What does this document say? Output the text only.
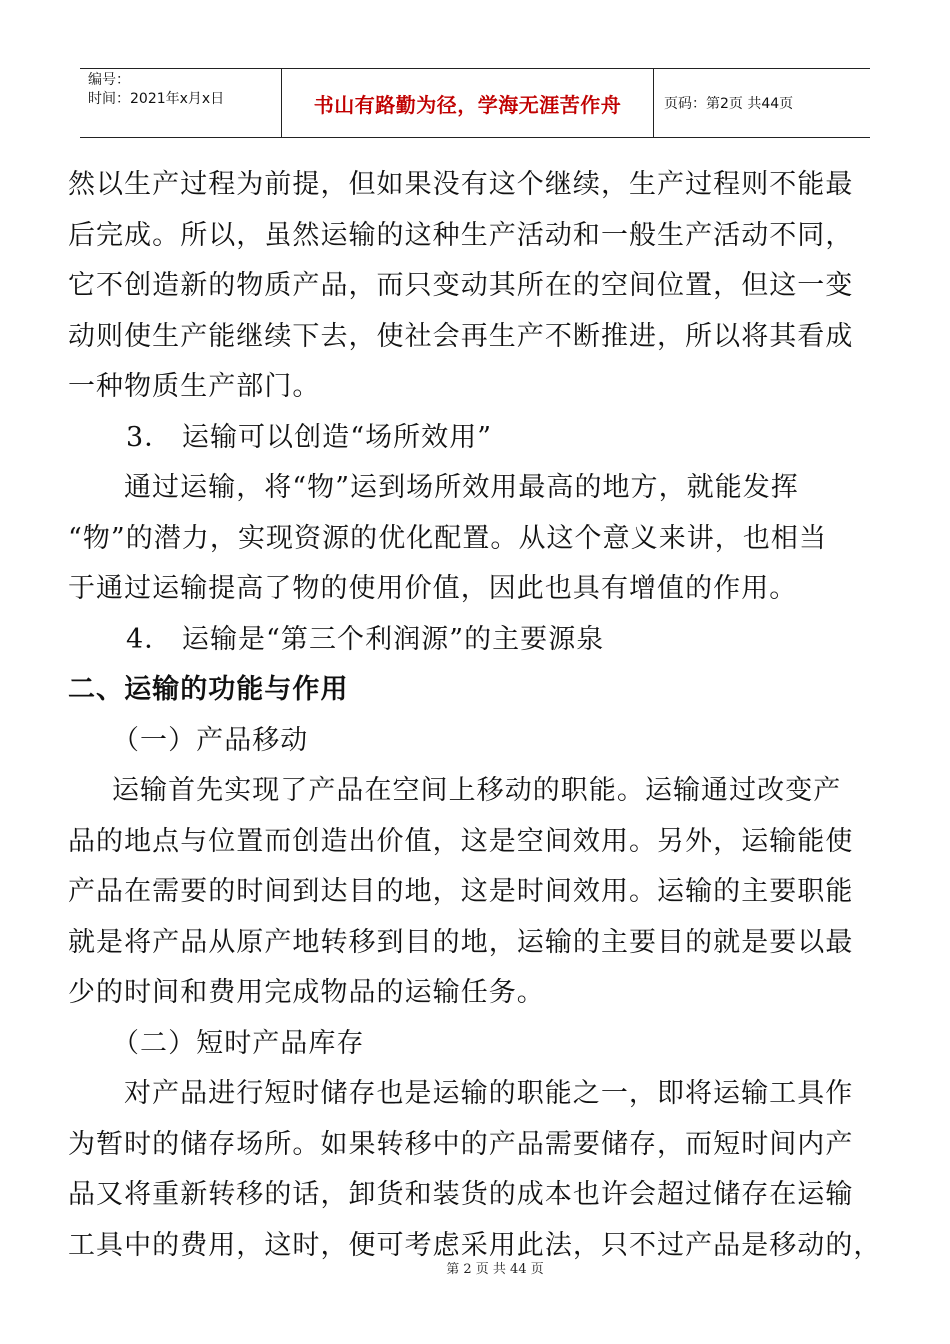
编号：
时间：2021年x月x日	书山有路勤为径，学海无涯苦作舟	页码：第2页 共44页
然以生产过程为前提，但如果没有这个继续，生产过程则不能最
后完成。所以，虽然运输的这种生产活动和一般生产活动不同，
它不创造新的物质产品，而只变动其所在的空间位置，但这一变
动则使生产能继续下去，使社会再生产不断推进，所以将其看成
一种物质生产部门。
3． 运输可以创造“场所效用”
通过运输，将“物”运到场所效用最高的地方，就能发挥
“物”的潜力，实现资源的优化配置。从这个意义来讲，也相当
于通过运输提高了物的使用价值，因此也具有增值的作用。
4． 运输是“第三个利润源”的主要源泉
二、运输的功能与作用
（一）产品移动
运输首先实现了产品在空间上移动的职能。运输通过改变产
品的地点与位置而创造出价值，这是空间效用。另外，运输能使
产品在需要的时间到达目的地，这是时间效用。运输的主要职能
就是将产品从原产地转移到目的地，运输的主要目的就是要以最
少的时间和费用完成物品的运输任务。
（二）短时产品库存
对产品进行短时储存也是运输的职能之一，即将运输工具作
为暂时的储存场所。如果转移中的产品需要储存，而短时间内产
品又将重新转移的话，卸货和装货的成本也许会超过储存在运输
工具中的费用，这时，便可考虑采用此法，只不过产品是移动的，
第 2 页 共 44 页
